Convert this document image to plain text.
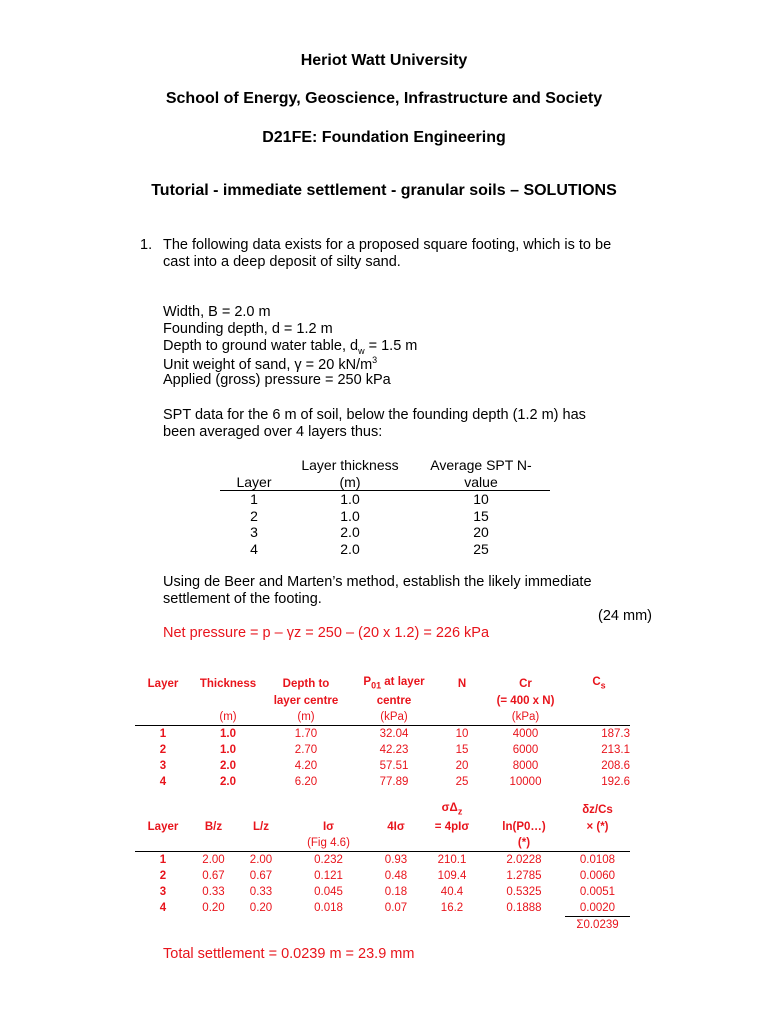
Heriot Watt University
School of Energy, Geoscience, Infrastructure and Society
D21FE: Foundation Engineering
Tutorial - immediate settlement - granular soils – SOLUTIONS
1. The following data exists for a proposed square footing, which is to be
cast into a deep deposit of silty sand.
Width, B = 2.0 m
Founding depth, d = 1.2 m
Depth to ground water table, $d_w = 1.5$ m
Unit weight of sand, γ = 20 $kN/m^3$
Applied (gross) pressure = 250 kPa
SPT data for the 6 m of soil, below the founding depth (1.2 m) has
been averaged over 4 layers thus:
	Layer thickness	Average SPT N-
Layer	(m)	value
1	1.0	10
2	1.0	15
3	2.0	20
4	2.0	25
Using de Beer and Marten’s method, establish the likely immediate
settlement of the footing.
(24 mm)
Net pressure = p – γz = 250 – (20 x 1.2) = 226 kPa
Layer	Thickness	Depth to	$P_{01}$ at layer	N	Cr	$C_s$
		layer centre	centre		(= 400 x N)	
	(m)	(m)	(kPa)		(kPa)	
1	1.0	1.70	32.04	10	4000	187.3
2	1.0	2.70	42.23	15	6000	213.1
3	2.0	4.20	57.51	20	8000	208.6
4	2.0	6.20	77.89	25	10000	192.6
					$\sigma\Delta_z$		δz/Cs
Layer	B/z	L/z	Iσ	4Iσ	= 4pIσ	ln(P0…)	× (*)
			(Fig 4.6)			(*)	
1	2.00	2.00	0.232	0.93	210.1	2.0228	0.0108
2	0.67	0.67	0.121	0.48	109.4	1.2785	0.0060
3	0.33	0.33	0.045	0.18	40.4	0.5325	0.0051
4	0.20	0.20	0.018	0.07	16.2	0.1888	0.0020
							Σ0.0239
Total settlement = 0.0239 m = 23.9 mm
